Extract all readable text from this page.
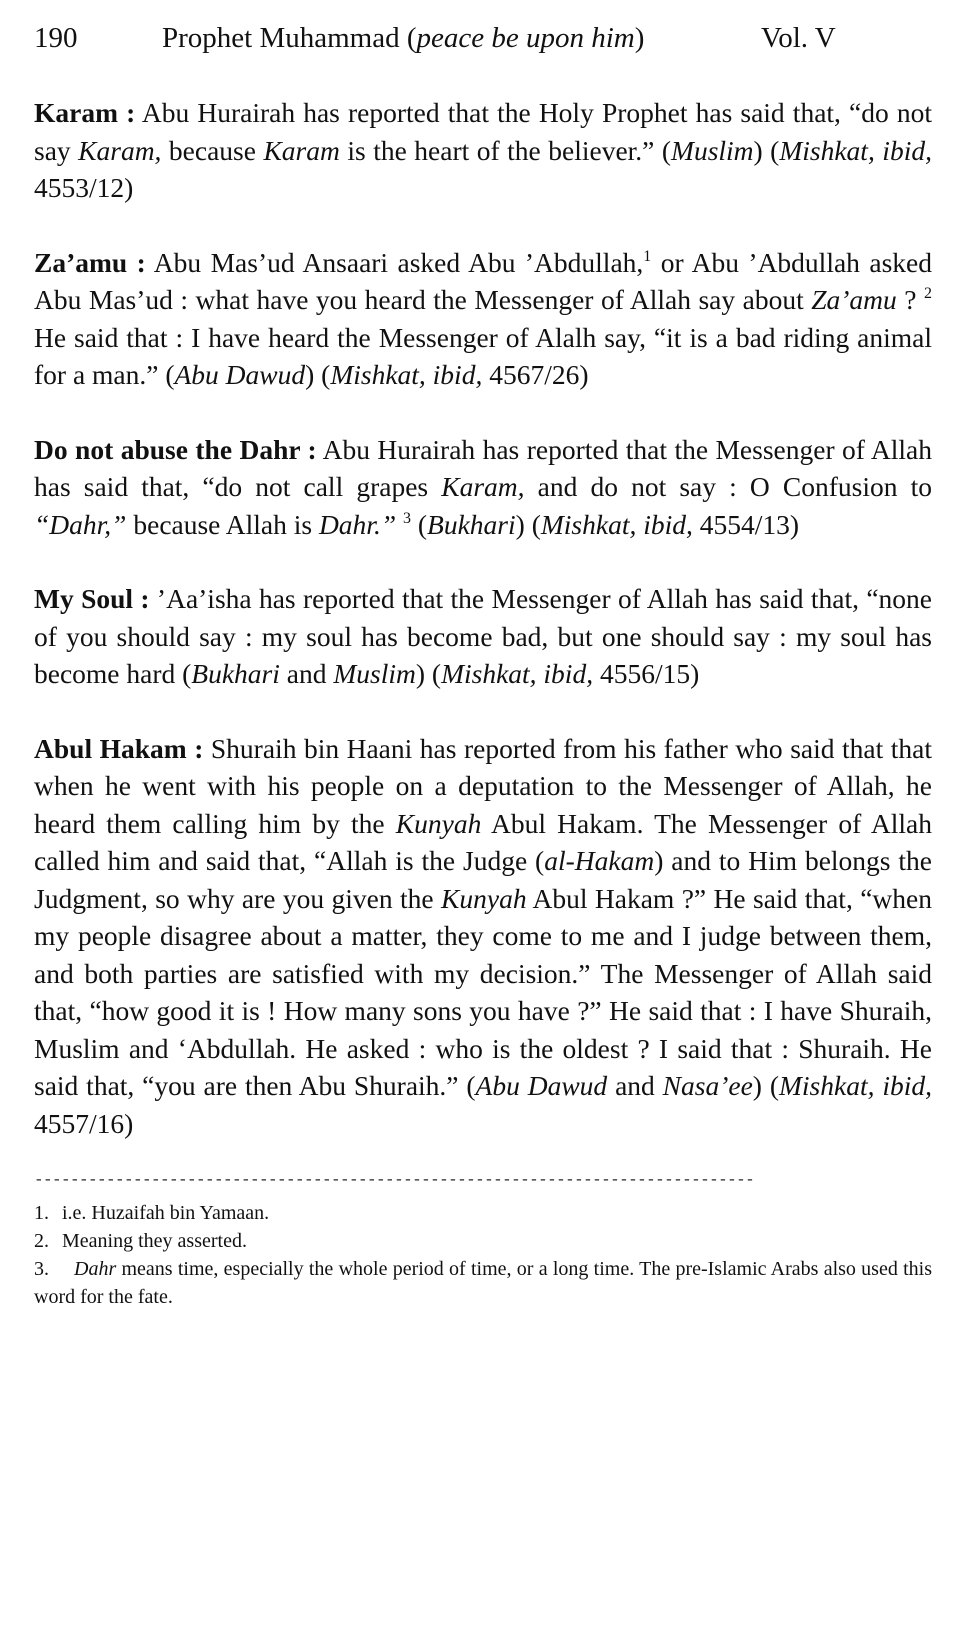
190	Prophet Muhammad (peace be upon him)	Vol. V

Karam : Abu Hurairah has reported that the Holy Prophet has said that, “do not say Karam, because Karam is the heart of the believer.” (Muslim) (Mishkat, ibid, 4553/12)

Za’amu : Abu Mas’ud Ansaari asked Abu ’Abdullah,$^1$ or Abu ’Abdullah asked Abu Mas’ud : what have you heard the Messenger of Allah say about Za’amu ? $^2$ He said that : I have heard the Messenger of Alalh say, “it is a bad riding animal for a man.” (Abu Dawud) (Mishkat, ibid, 4567/26)

Do not abuse the Dahr : Abu Hurairah has reported that the Messenger of Allah has said that, “do not call grapes Karam, and do not say : O Confusion to “Dahr,” because Allah is Dahr.” $^3$ (Bukhari) (Mishkat, ibid, 4554/13)

My Soul : ’Aa’isha has reported that the Messenger of Allah has said that, “none of you should say : my soul has become bad, but one should say : my soul has become hard (Bukhari and Muslim) (Mishkat, ibid, 4556/15)

Abul Hakam : Shuraih bin Haani has reported from his father who said that that when he went with his people on a deputation to the Messenger of Allah, he heard them calling him by the Kunyah Abul Hakam. The Messenger of Allah called him and said that, “Allah is the Judge (al-Hakam) and to Him belongs the Judgment, so why are you given the Kunyah Abul Hakam ?” He said that, “when my people disagree about a matter, they come to me and I judge between them, and both parties are satisfied with my decision.” The Messenger of Allah said that, “how good it is ! How many sons you have ?” He said that : I have Shuraih, Muslim and ‘Abdullah. He asked : who is the oldest ? I said that : Shuraih. He said that, “you are then Abu Shuraih.” (Abu Dawud and Nasa’ee) (Mishkat, ibid, 4557/16)

--------------------------------------------------------------------------------
1. i.e. Huzaifah bin Yamaan.
2. Meaning they asserted.
3. Dahr means time, especially the whole period of time, or a long time. The pre-Islamic Arabs also used this word for the fate.
